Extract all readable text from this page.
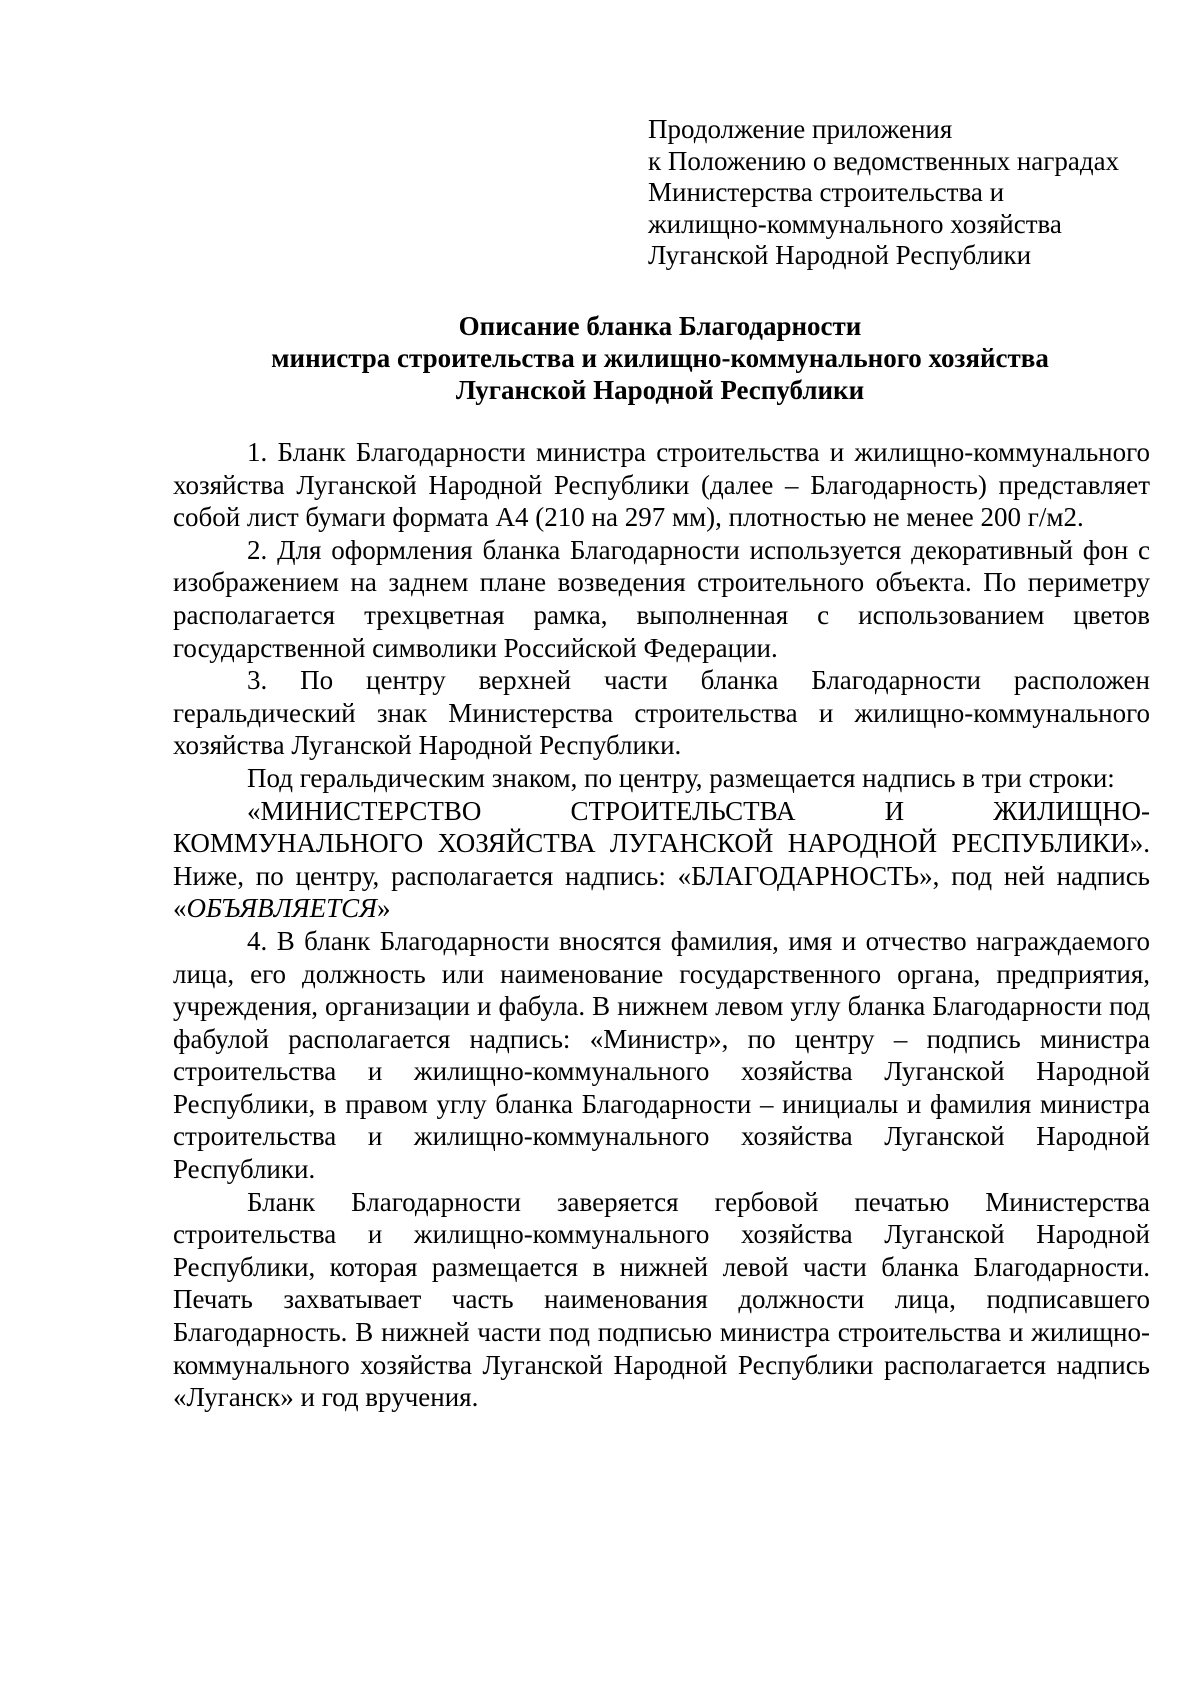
Продолжение приложения
к Положению о ведомственных наградах
Министерства строительства и
жилищно-коммунального хозяйства
Луганской Народной Республики
Описание бланка Благодарности
министра строительства и жилищно-коммунального хозяйства
Луганской Народной Республики

1. Бланк Благодарности министра строительства и жилищно-коммунального хозяйства Луганской Народной Республики (далее – Благодарность) представляет собой лист бумаги формата А4 (210 на 297 мм), плотностью не менее 200 г/м2.

2. Для оформления бланка Благодарности используется декоративный фон с изображением на заднем плане возведения строительного объекта. По периметру располагается трехцветная рамка, выполненная с использованием цветов государственной символики Российской Федерации.

3. По центру верхней части бланка Благодарности расположен геральдический знак Министерства строительства и жилищно-коммунального хозяйства Луганской Народной Республики.

Под геральдическим знаком, по центру, размещается надпись в три строки:

«МИНИСТЕРСТВО СТРОИТЕЛЬСТВА И ЖИЛИЩНО-КОММУНАЛЬНОГО ХОЗЯЙСТВА ЛУГАНСКОЙ НАРОДНОЙ РЕСПУБЛИКИ». Ниже, по центру, располагается надпись: «БЛАГОДАРНОСТЬ», под ней надпись «ОБЪЯВЛЯЕТСЯ»

4. В бланк Благодарности вносятся фамилия, имя и отчество награждаемого лица, его должность или наименование государственного органа, предприятия, учреждения, организации и фабула. В нижнем левом углу бланка Благодарности под фабулой располагается надпись: «Министр», по центру – подпись министра строительства и жилищно-коммунального хозяйства Луганской Народной Республики, в правом углу бланка Благодарности – инициалы и фамилия министра строительства и жилищно-коммунального хозяйства Луганской Народной Республики.

Бланк Благодарности заверяется гербовой печатью Министерства строительства и жилищно-коммунального хозяйства Луганской Народной Республики, которая размещается в нижней левой части бланка Благодарности. Печать захватывает часть наименования должности лица, подписавшего Благодарность. В нижней части под подписью министра строительства и жилищно-коммунального хозяйства Луганской Народной Республики располагается надпись «Луганск» и год вручения.
